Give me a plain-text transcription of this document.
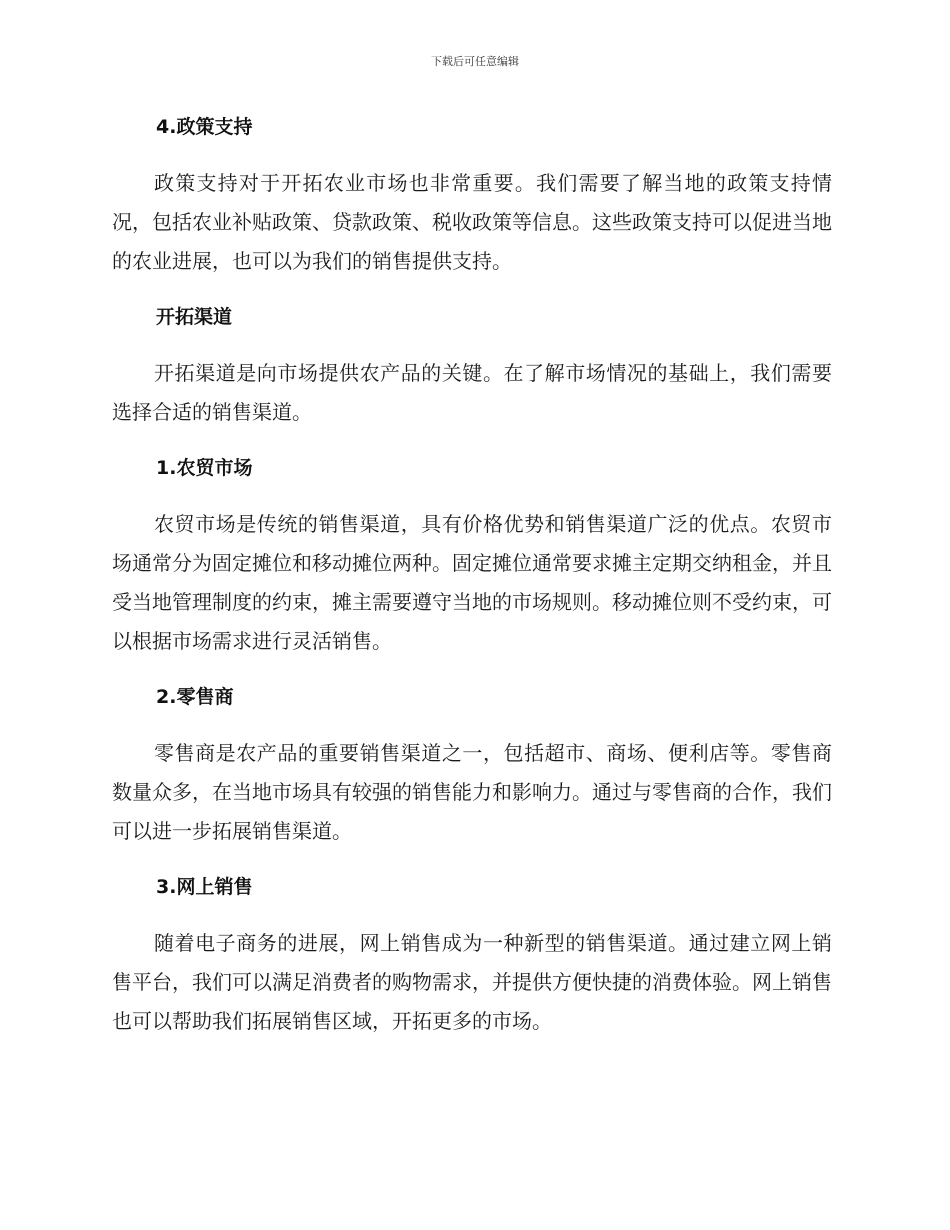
下载后可任意编辑
4.政策支持

政策支持对于开拓农业市场也非常重要。我们需要了解当地的政策支持情况，包括农业补贴政策、贷款政策、税收政策等信息。这些政策支持可以促进当地的农业进展，也可以为我们的销售提供支持。

开拓渠道

开拓渠道是向市场提供农产品的关键。在了解市场情况的基础上，我们需要选择合适的销售渠道。

1.农贸市场

农贸市场是传统的销售渠道，具有价格优势和销售渠道广泛的优点。农贸市场通常分为固定摊位和移动摊位两种。固定摊位通常要求摊主定期交纳租金，并且受当地管理制度的约束，摊主需要遵守当地的市场规则。移动摊位则不受约束，可以根据市场需求进行灵活销售。

2.零售商

零售商是农产品的重要销售渠道之一，包括超市、商场、便利店等。零售商数量众多，在当地市场具有较强的销售能力和影响力。通过与零售商的合作，我们可以进一步拓展销售渠道。

3.网上销售

随着电子商务的进展，网上销售成为一种新型的销售渠道。通过建立网上销售平台，我们可以满足消费者的购物需求，并提供方便快捷的消费体验。网上销售也可以帮助我们拓展销售区域，开拓更多的市场。
